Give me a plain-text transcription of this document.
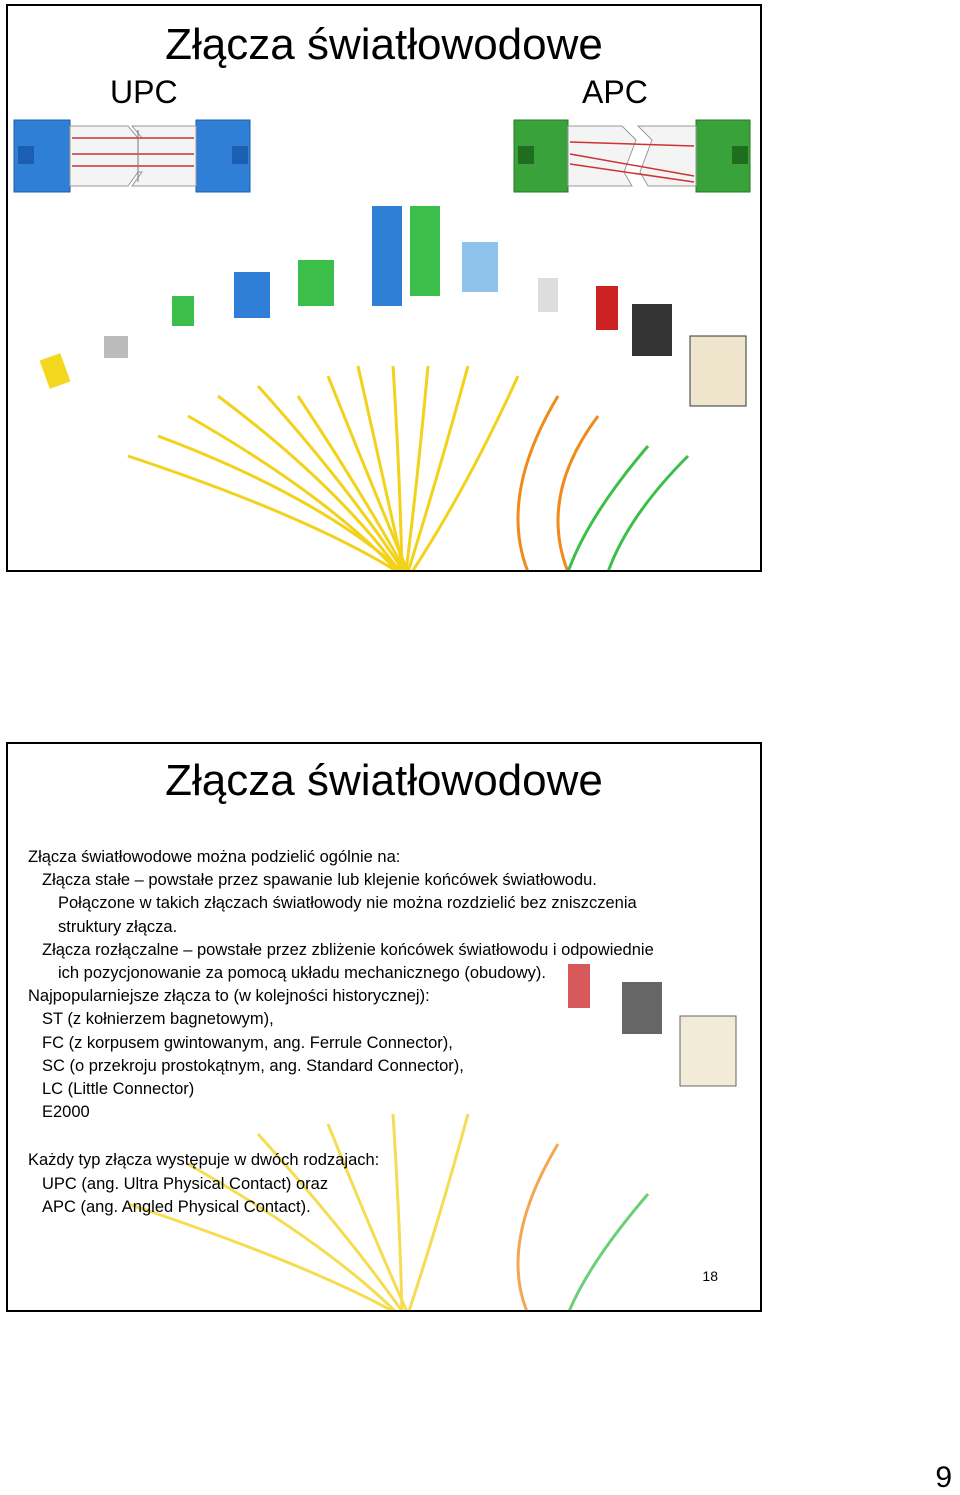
Złącza światłowodowe
UPC	APC
Złącza światłowodowe
Złącza światłowodowe można podzielić ogólnie na:
Złącza stałe – powstałe przez spawanie lub klejenie końcówek światłowodu.
Połączone w takich złączach światłowody nie można rozdzielić bez zniszczenia
struktury złącza.
Złącza rozłączalne – powstałe przez zbliżenie końcówek światłowodu i odpowiednie
ich pozycjonowanie za pomocą układu mechanicznego (obudowy).
Najpopularniejsze złącza to (w kolejności historycznej):
ST (z kołnierzem bagnetowym),
FC (z korpusem gwintowanym, ang. Ferrule Connector),
SC (o przekroju prostokątnym, ang. Standard Connector),
LC (Little Connector)
E2000
Każdy typ złącza występuje w dwóch rodzajach:
UPC (ang. Ultra Physical Contact) oraz
APC (ang. Angled Physical Contact).
18
9
